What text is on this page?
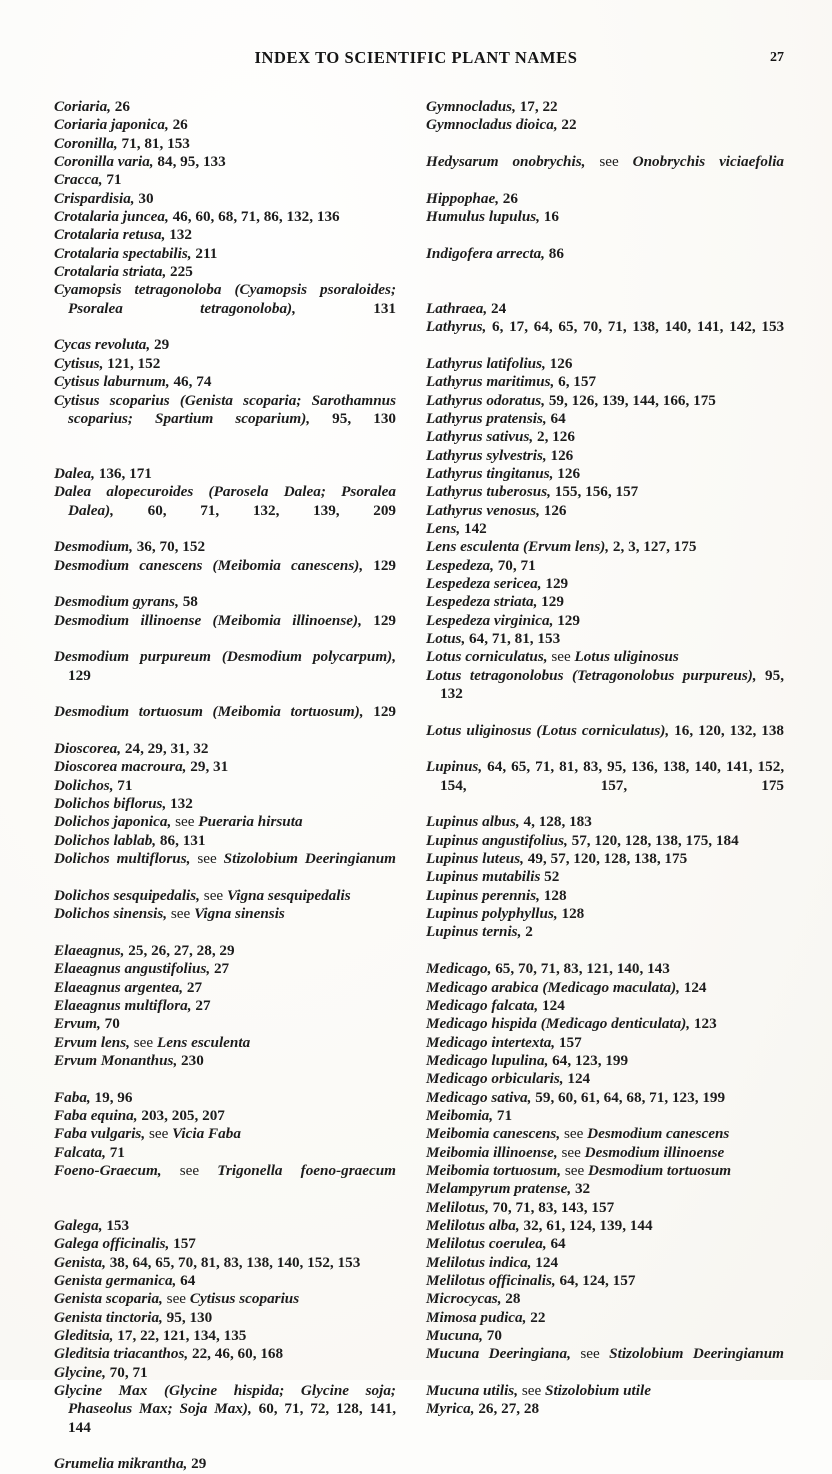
INDEX TO SCIENTIFIC PLANT NAMES	27
Coriaria, 26
Coriaria japonica, 26
Coronilla, 71, 81, 153
Coronilla varia, 84, 95, 133
Cracca, 71
Crispardisia, 30
Crotalaria juncea, 46, 60, 68, 71, 86, 132, 136
Crotalaria retusa, 132
Crotalaria spectabilis, 211
Crotalaria striata, 225
Cyamopsis tetragonoloba (Cyamopsis psoraloides; Psoralea tetragonoloba), 131
Cycas revoluta, 29
Cytisus, 121, 152
Cytisus laburnum, 46, 74
Cytisus scoparius (Genista scoparia; Sarothamnus scoparius; Spartium scoparium), 95, 130
Dalea, 136, 171
Dalea alopecuroides (Parosela Dalea; Psoralea Dalea), 60, 71, 132, 139, 209
Desmodium, 36, 70, 152
Desmodium canescens (Meibomia canescens), 129
Desmodium gyrans, 58
Desmodium illinoense (Meibomia illinoense), 129
Desmodium purpureum (Desmodium polycarpum), 129
Desmodium tortuosum (Meibomia tortuosum), 129
Dioscorea, 24, 29, 31, 32
Dioscorea macroura, 29, 31
Dolichos, 71
Dolichos biflorus, 132
Dolichos japonica, see Pueraria hirsuta
Dolichos lablab, 86, 131
Dolichos multiflorus, see Stizolobium Deeringianum
Dolichos sesquipedalis, see Vigna sesquipedalis
Dolichos sinensis, see Vigna sinensis
Elaeagnus, 25, 26, 27, 28, 29
Elaeagnus angustifolius, 27
Elaeagnus argentea, 27
Elaeagnus multiflora, 27
Ervum, 70
Ervum lens, see Lens esculenta
Ervum Monanthus, 230
Faba, 19, 96
Faba equina, 203, 205, 207
Faba vulgaris, see Vicia Faba
Falcata, 71
Foeno-Graecum, see Trigonella foeno-graecum
Galega, 153
Galega officinalis, 157
Genista, 38, 64, 65, 70, 81, 83, 138, 140, 152, 153
Genista germanica, 64
Genista scoparia, see Cytisus scoparius
Genista tinctoria, 95, 130
Gleditsia, 17, 22, 121, 134, 135
Gleditsia triacanthos, 22, 46, 60, 168
Glycine, 70, 71
Glycine Max (Glycine hispida; Glycine soja; Phaseolus Max; Soja Max), 60, 71, 72, 128, 141, 144
Grumelia mikrantha, 29
Gymnocladus, 17, 22
Gymnocladus dioica, 22
Hedysarum onobrychis, see Onobrychis viciaefolia
Hippophae, 26
Humulus lupulus, 16
Indigofera arrecta, 86
Lathraea, 24
Lathyrus, 6, 17, 64, 65, 70, 71, 138, 140, 141, 142, 153
Lathyrus latifolius, 126
Lathyrus maritimus, 6, 157
Lathyrus odoratus, 59, 126, 139, 144, 166, 175
Lathyrus pratensis, 64
Lathyrus sativus, 2, 126
Lathyrus sylvestris, 126
Lathyrus tingitanus, 126
Lathyrus tuberosus, 155, 156, 157
Lathyrus venosus, 126
Lens, 142
Lens esculenta (Ervum lens), 2, 3, 127, 175
Lespedeza, 70, 71
Lespedeza sericea, 129
Lespedeza striata, 129
Lespedeza virginica, 129
Lotus, 64, 71, 81, 153
Lotus corniculatus, see Lotus uliginosus
Lotus tetragonolobus (Tetragonolobus purpureus), 95, 132
Lotus uliginosus (Lotus corniculatus), 16, 120, 132, 138
Lupinus, 64, 65, 71, 81, 83, 95, 136, 138, 140, 141, 152, 154,	157,	175
Lupinus albus, 4, 128, 183
Lupinus angustifolius, 57, 120, 128, 138, 175, 184
Lupinus luteus, 49, 57, 120, 128, 138, 175
Lupinus mutabilis 52
Lupinus perennis, 128
Lupinus polyphyllus, 128
Lupinus ternis, 2
Medicago, 65, 70, 71, 83, 121, 140, 143
Medicago arabica (Medicago maculata), 124
Medicago falcata, 124
Medicago hispida (Medicago denticulata), 123
Medicago intertexta, 157
Medicago lupulina, 64, 123, 199
Medicago orbicularis, 124
Medicago sativa, 59, 60, 61, 64, 68, 71, 123, 199
Meibomia, 71
Meibomia canescens, see Desmodium canescens
Meibomia illinoense, see Desmodium illinoense
Meibomia tortuosum, see Desmodium tortuosum
Melampyrum pratense, 32
Melilotus, 70, 71, 83, 143, 157
Melilotus alba, 32, 61, 124, 139, 144
Melilotus coerulea, 64
Melilotus indica, 124
Melilotus officinalis, 64, 124, 157
Microcycas, 28
Mimosa pudica, 22
Mucuna, 70
Mucuna Deeringiana, see Stizolobium Deeringianum
Mucuna utilis, see Stizolobium utile
Myrica, 26, 27, 28
